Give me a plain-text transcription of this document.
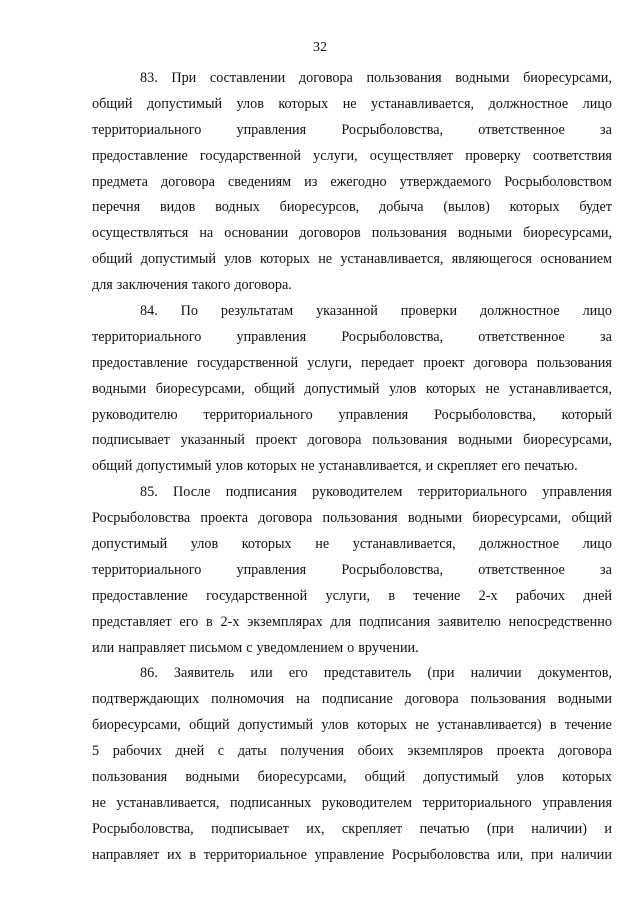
32
83. При составлении договора пользования водными биоресурсами,
общий допустимый улов которых не устанавливается, должностное лицо
территориального управления Росрыболовства, ответственное за
предоставление государственной услуги, осуществляет проверку соответствия
предмета договора сведениям из ежегодно утверждаемого Росрыболовством
перечня видов водных биоресурсов, добыча (вылов) которых будет
осуществляться на основании договоров пользования водными биоресурсами,
общий допустимый улов которых не устанавливается, являющегося основанием
для заключения такого договора.
84. По результатам указанной проверки должностное лицо
территориального управления Росрыболовства, ответственное за
предоставление государственной услуги, передает проект договора пользования
водными биоресурсами, общий допустимый улов которых не устанавливается,
руководителю территориального управления Росрыболовства, который
подписывает указанный проект договора пользования водными биоресурсами,
общий допустимый улов которых не устанавливается, и скрепляет его печатью.
85. После подписания руководителем территориального управления
Росрыболовства проекта договора пользования водными биоресурсами, общий
допустимый улов которых не устанавливается, должностное лицо
территориального управления Росрыболовства, ответственное за
предоставление государственной услуги, в течение 2-х рабочих дней
представляет его в 2-х экземплярах для подписания заявителю непосредственно
или направляет письмом с уведомлением о вручении.
86. Заявитель или его представитель (при наличии документов,
подтверждающих полномочия на подписание договора пользования водными
биоресурсами, общий допустимый улов которых не устанавливается) в течение
5 рабочих дней с даты получения обоих экземпляров проекта договора
пользования водными биоресурсами, общий допустимый улов которых
не устанавливается, подписанных руководителем территориального управления
Росрыболовства, подписывает их, скрепляет печатью (при наличии) и
направляет их в территориальное управление Росрыболовства или, при наличии
